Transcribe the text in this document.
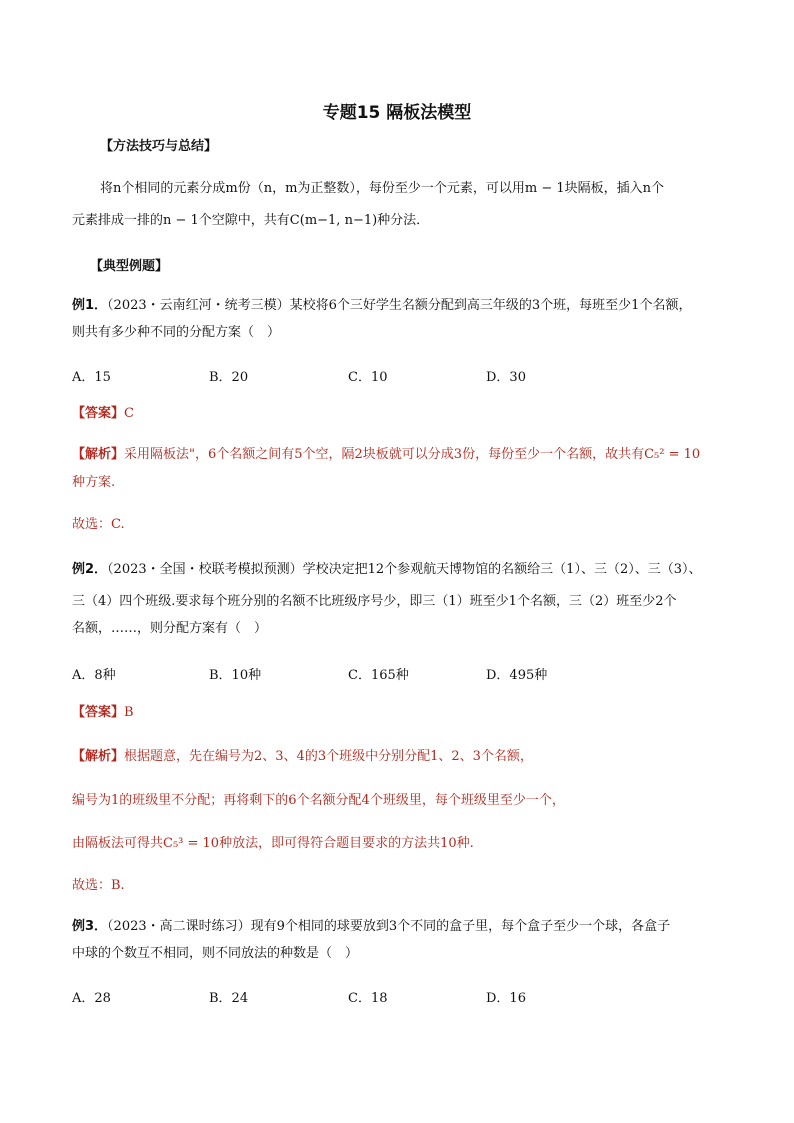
专题15 隔板法模型
【方法技巧与总结】
将n个相同的元素分成m份（n，m为正整数），每份至少一个元素，可以用m − 1块隔板，插入n个
元素排成一排的n − 1个空隙中，共有C(m−1, n−1)种分法．
【典型例题】
例1．（2023・云南红河・统考三模）某校将6个三好学生名额分配到高三年级的3个班，每班至少1个名额，
则共有多少种不同的分配方案（　）
A．15	B．20	C．10	D．30
【答案】C
【解析】采用隔板法"，6个名额之间有5个空，隔2块板就可以分成3份，每份至少一个名额，故共有C₅² = 10
种方案.
故选：C.
例2．（2023・全国・校联考模拟预测）学校决定把12个参观航天博物馆的名额给三（1）、三（2）、三（3）、
三（4）四个班级.要求每个班分别的名额不比班级序号少，即三（1）班至少1个名额，三（2）班至少2个
名额，……，则分配方案有（　）
A．8种	B．10种	C．165种	D．495种
【答案】B
【解析】根据题意，先在编号为2、3、4的3个班级中分别分配1、2、3个名额，
编号为1的班级里不分配；再将剩下的6个名额分配4个班级里，每个班级里至少一个，
由隔板法可得共C₅³ = 10种放法，即可得符合题目要求的方法共10种.
故选：B.
例3．（2023・高二课时练习）现有9个相同的球要放到3个不同的盒子里，每个盒子至少一个球，各盒子
中球的个数互不相同，则不同放法的种数是（　）
A．28	B．24	C．18	D．16
